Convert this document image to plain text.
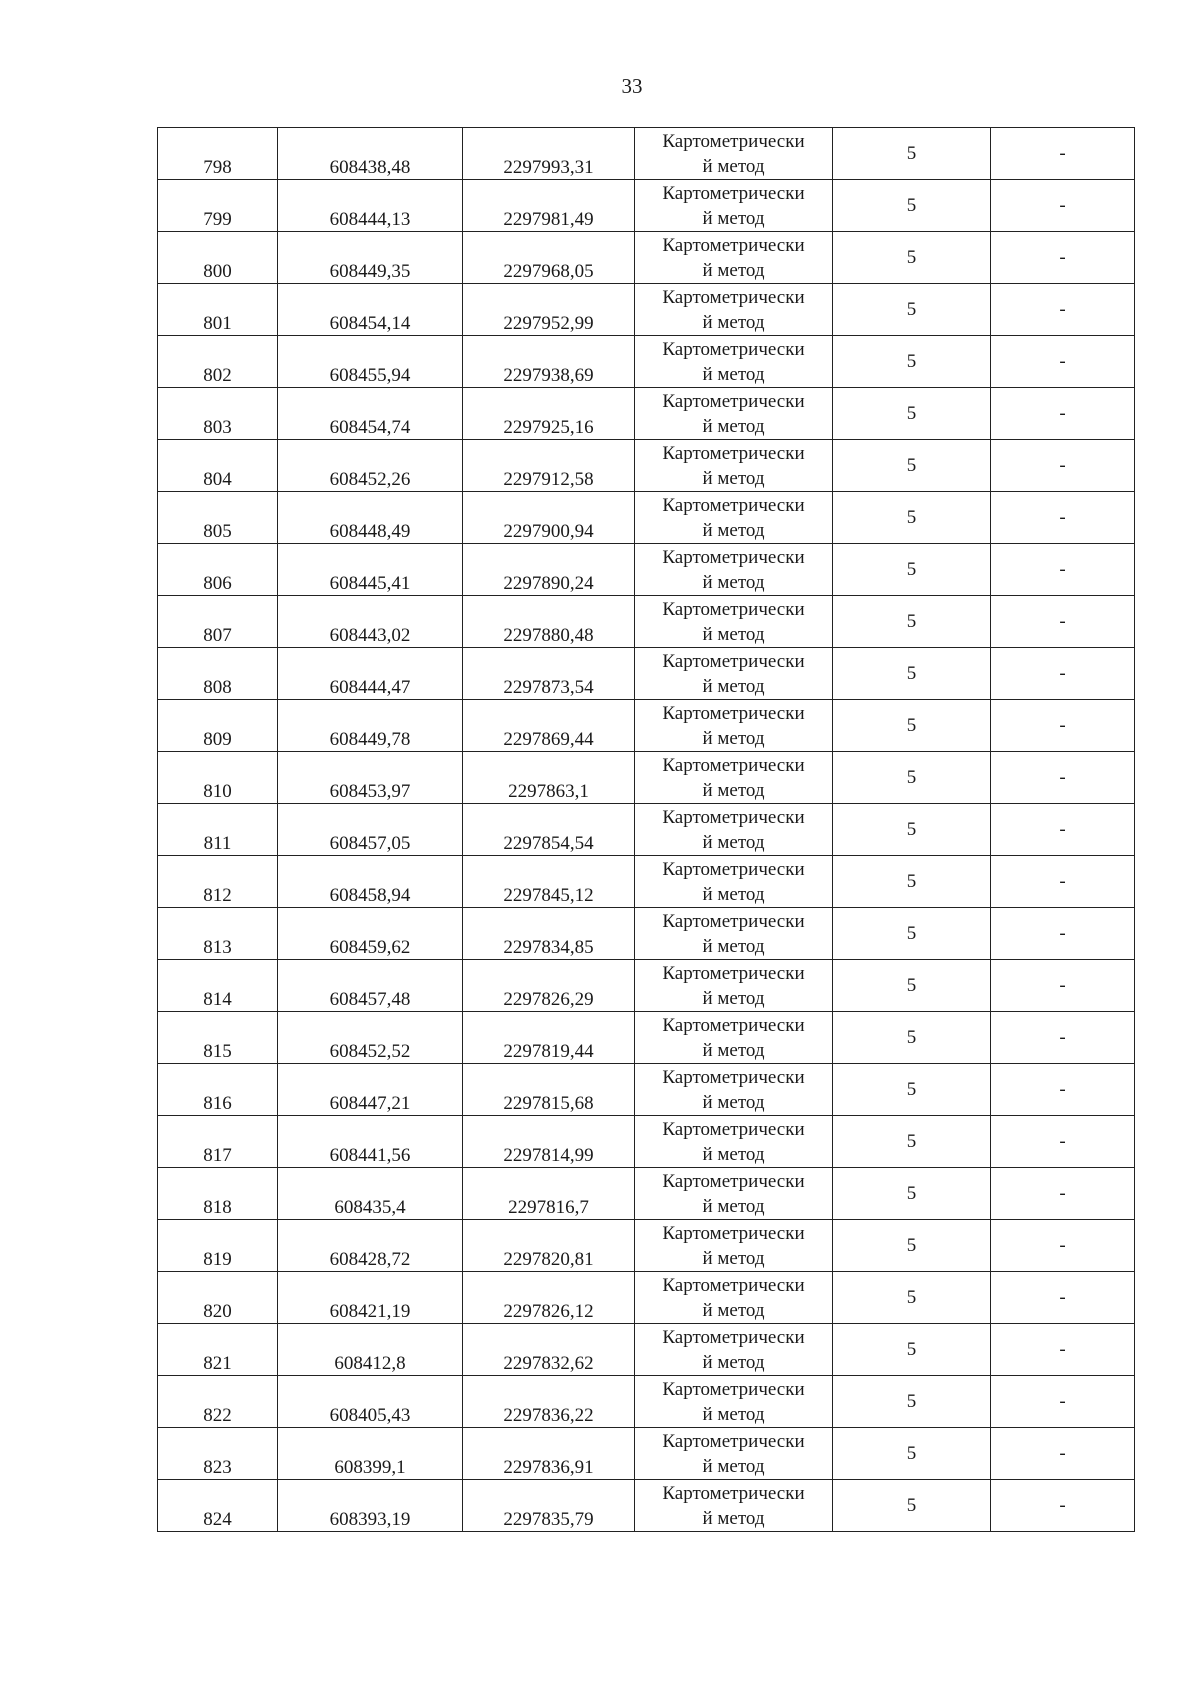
33
798	608438,48	2297993,31	Картометрически
й метод	5	-
799	608444,13	2297981,49	Картометрически
й метод	5	-
800	608449,35	2297968,05	Картометрически
й метод	5	-
801	608454,14	2297952,99	Картометрически
й метод	5	-
802	608455,94	2297938,69	Картометрически
й метод	5	-
803	608454,74	2297925,16	Картометрически
й метод	5	-
804	608452,26	2297912,58	Картометрически
й метод	5	-
805	608448,49	2297900,94	Картометрически
й метод	5	-
806	608445,41	2297890,24	Картометрически
й метод	5	-
807	608443,02	2297880,48	Картометрически
й метод	5	-
808	608444,47	2297873,54	Картометрически
й метод	5	-
809	608449,78	2297869,44	Картометрически
й метод	5	-
810	608453,97	2297863,1	Картометрически
й метод	5	-
811	608457,05	2297854,54	Картометрически
й метод	5	-
812	608458,94	2297845,12	Картометрически
й метод	5	-
813	608459,62	2297834,85	Картометрически
й метод	5	-
814	608457,48	2297826,29	Картометрически
й метод	5	-
815	608452,52	2297819,44	Картометрически
й метод	5	-
816	608447,21	2297815,68	Картометрически
й метод	5	-
817	608441,56	2297814,99	Картометрически
й метод	5	-
818	608435,4	2297816,7	Картометрически
й метод	5	-
819	608428,72	2297820,81	Картометрически
й метод	5	-
820	608421,19	2297826,12	Картометрически
й метод	5	-
821	608412,8	2297832,62	Картометрически
й метод	5	-
822	608405,43	2297836,22	Картометрически
й метод	5	-
823	608399,1	2297836,91	Картометрически
й метод	5	-
824	608393,19	2297835,79	Картометрически
й метод	5	-
